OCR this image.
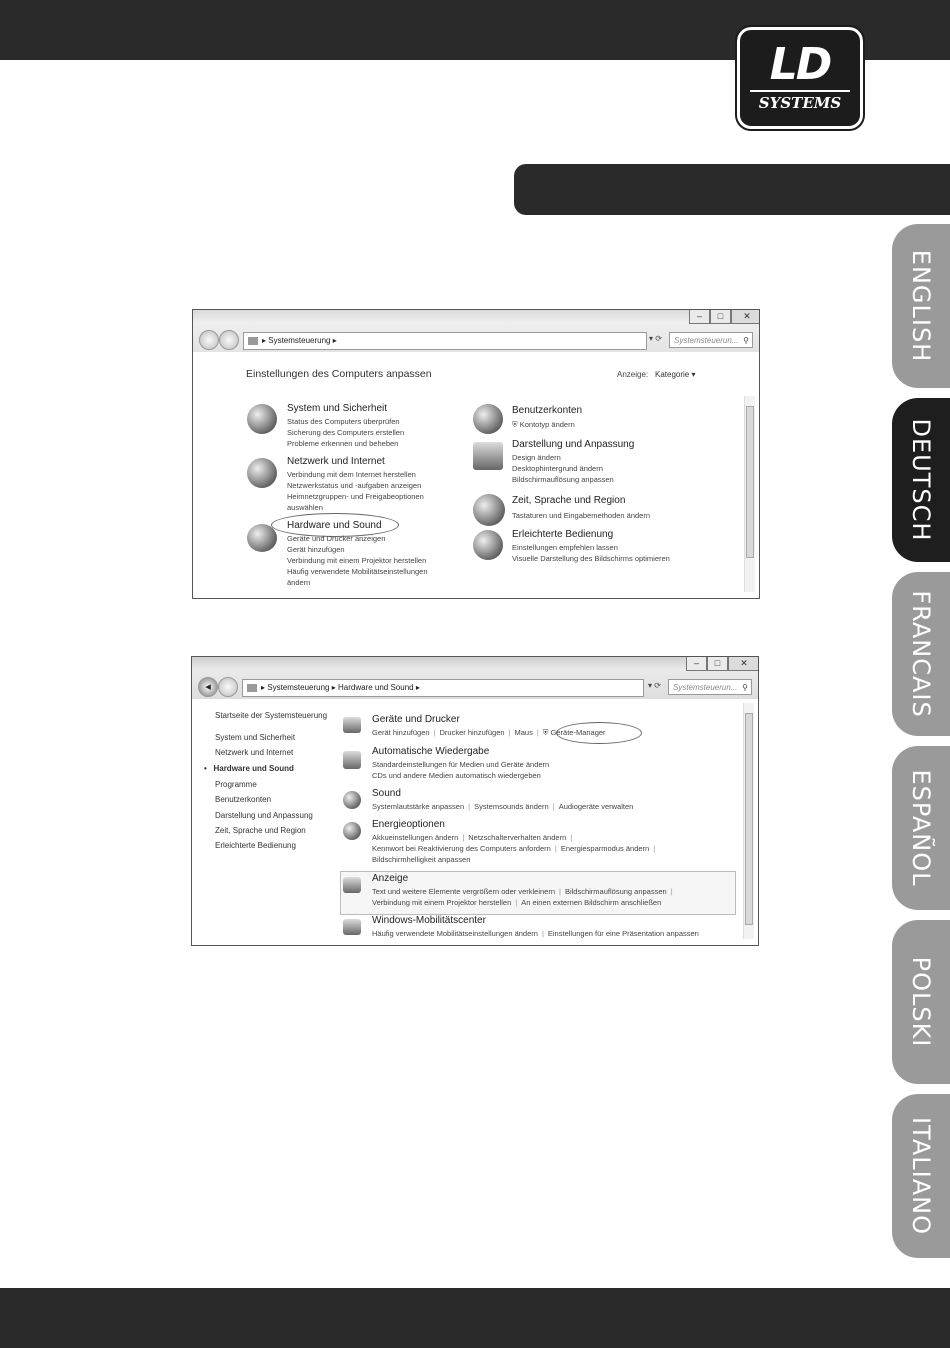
LD
SYSTEMS
ENGLISH
DEUTSCH
FRANCAIS
ESPAÑOL
POLSKI
ITALIANO
–	□	✕
▸ Systemsteuerung ▸	▾ ⟳	Systemsteuerun... ⚲
Einstellungen des Computers anpassen	Anzeige: Kategorie ▾
System und Sicherheit
Status des Computers überprüfen
Sicherung des Computers erstellen
Probleme erkennen und beheben
Netzwerk und Internet
Verbindung mit dem Internet herstellen
Netzwerkstatus und -aufgaben anzeigen
Heimnetzgruppen- und Freigabeoptionen
auswählen
Hardware und Sound
Geräte und Drucker anzeigen
Gerät hinzufügen
Verbindung mit einem Projektor herstellen
Häufig verwendete Mobilitätseinstellungen
ändern
Benutzerkonten
⛨ Kontotyp ändern
Darstellung und Anpassung
Design ändern
Desktophintergrund ändern
Bildschirmauflösung anpassen
Zeit, Sprache und Region
Tastaturen und Eingabemethoden ändern
Erleichterte Bedienung
Einstellungen empfehlen lassen
Visuelle Darstellung des Bildschirms optimieren
–	□	✕
◂	▸ Systemsteuerung ▸ Hardware und Sound ▸	▾ ⟳	Systemsteuerun... ⚲
Startseite der Systemsteuerung
System und Sicherheit
Netzwerk und Internet
•   Hardware und Sound
Programme
Benutzerkonten
Darstellung und Anpassung
Zeit, Sprache und Region
Erleichterte Bedienung
Geräte und Drucker
Gerät hinzufügen | Drucker hinzufügen | Maus | ⛨ Geräte-Manager
Automatische Wiedergabe
Standardeinstellungen für Medien und Geräte ändern
CDs und andere Medien automatisch wiedergeben
Sound
Systemlautstärke anpassen | Systemsounds ändern | Audiogeräte verwalten
Energieoptionen
Akkueinstellungen ändern | Netzschalterverhalten ändern |
Kennwort bei Reaktivierung des Computers anfordern | Energiesparmodus ändern |
Bildschirmhelligkeit anpassen
Anzeige
Text und weitere Elemente vergrößern oder verkleinern | Bildschirmauflösung anpassen |
Verbindung mit einem Projektor herstellen | An einen externen Bildschirm anschließen
Windows-Mobilitätscenter
Häufig verwendete Mobilitätseinstellungen ändern | Einstellungen für eine Präsentation anpassen
